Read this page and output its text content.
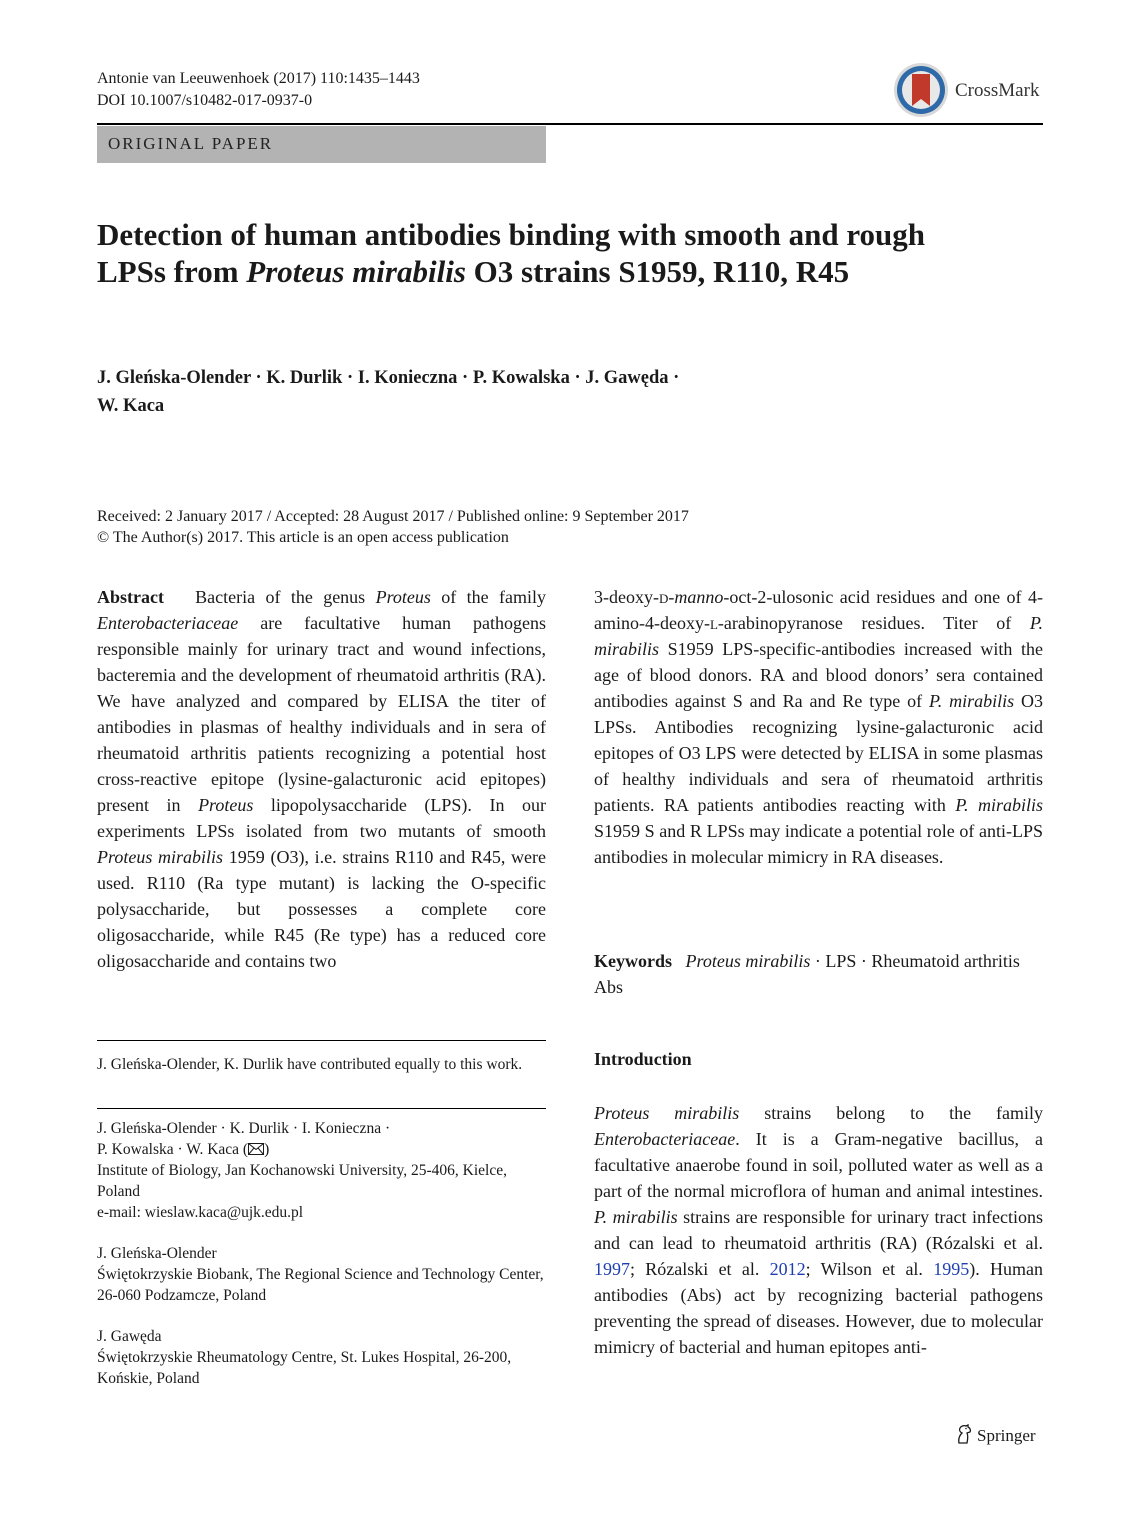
Antonie van Leeuwenhoek (2017) 110:1435–1443
DOI 10.1007/s10482-017-0937-0	CrossMark
ORIGINAL PAPER
Detection of human antibodies binding with smooth and rough LPSs from Proteus mirabilis O3 strains S1959, R110, R45
J. Gleńska-Olender · K. Durlik · I. Konieczna · P. Kowalska · J. Gawęda ·
W. Kaca
Received: 2 January 2017 / Accepted: 28 August 2017 / Published online: 9 September 2017
© The Author(s) 2017. This article is an open access publication
Abstract Bacteria of the genus Proteus of the family Enterobacteriaceae are facultative human pathogens responsible mainly for urinary tract and wound infections, bacteremia and the development of rheumatoid arthritis (RA). We have analyzed and compared by ELISA the titer of antibodies in plasmas of healthy individuals and in sera of rheumatoid arthritis patients recognizing a potential host cross-reactive epitope (lysine-galacturonic acid epitopes) present in Proteus lipopolysaccharide (LPS). In our experiments LPSs isolated from two mutants of smooth Proteus mirabilis 1959 (O3), i.e. strains R110 and R45, were used. R110 (Ra type mutant) is lacking the O-specific polysaccharide, but possesses a complete core oligosaccharide, while R45 (Re type) has a reduced core oligosaccharide and contains two
3-deoxy-d-manno-oct-2-ulosonic acid residues and one of 4-amino-4-deoxy-l-arabinopyranose residues. Titer of P. mirabilis S1959 LPS-specific-antibodies increased with the age of blood donors. RA and blood donors’ sera contained antibodies against S and Ra and Re type of P. mirabilis O3 LPSs. Antibodies recognizing lysine-galacturonic acid epitopes of O3 LPS were detected by ELISA in some plasmas of healthy individuals and sera of rheumatoid arthritis patients. RA patients antibodies reacting with P. mirabilis S1959 S and R LPSs may indicate a potential role of anti-LPS antibodies in molecular mimicry in RA diseases.
Keywords Proteus mirabilis · LPS · Rheumatoid arthritis Abs
J. Gleńska-Olender, K. Durlik have contributed equally to this work.
J. Gleńska-Olender · K. Durlik · I. Konieczna ·
P. Kowalska · W. Kaca ( )
Institute of Biology, Jan Kochanowski University, 25-406, Kielce, Poland
e-mail: wieslaw.kaca@ujk.edu.pl
J. Gleńska-Olender
Świętokrzyskie Biobank, The Regional Science and Technology Center, 26-060 Podzamcze, Poland
J. Gawęda
Świętokrzyskie Rheumatology Centre, St. Lukes Hospital, 26-200, Końskie, Poland
Introduction
Proteus mirabilis strains belong to the family Enterobacteriaceae. It is a Gram-negative bacillus, a facultative anaerobe found in soil, polluted water as well as a part of the normal microflora of human and animal intestines. P. mirabilis strains are responsible for urinary tract infections and can lead to rheumatoid arthritis (RA) (Rózalski et al. 1997; Rózalski et al. 2012; Wilson et al. 1995). Human antibodies (Abs) act by recognizing bacterial pathogens preventing the spread of diseases. However, due to molecular mimicry of bacterial and human epitopes anti-
Springer
